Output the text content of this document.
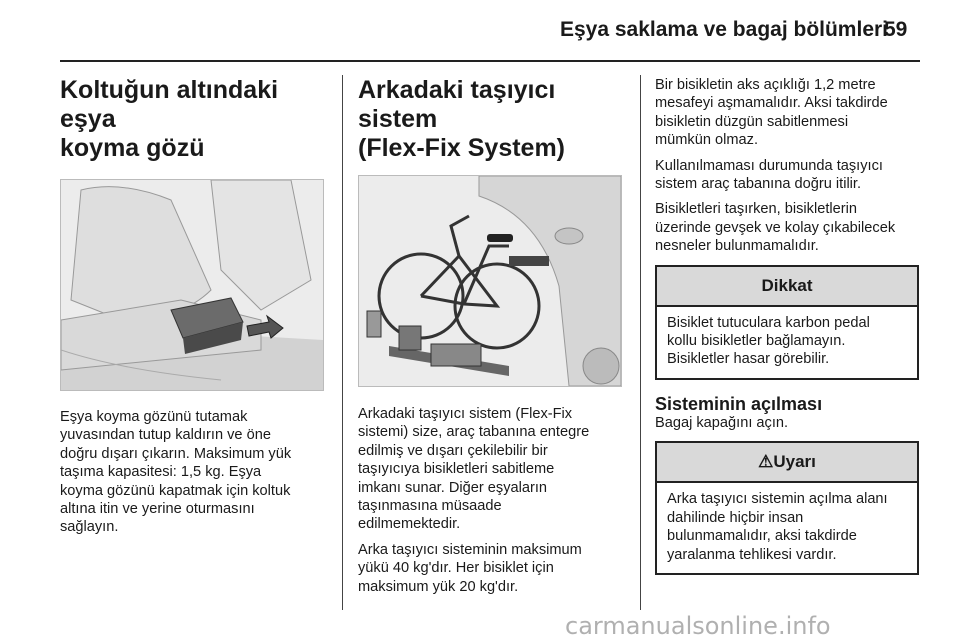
Eşya saklama ve bagaj bölümleri
59
Koltuğun altındaki eşya
koyma gözü

Eşya koyma gözünü tutamak
yuvasından tutup kaldırın ve öne
doğru dışarı çıkarın. Maksimum yük
taşıma kapasitesi: 1,5 kg. Eşya
koyma gözünü kapatmak için koltuk
altına itin ve yerine oturmasını
sağlayın.

Arkadaki taşıyıcı sistem
(Flex-Fix System)

Arkadaki taşıyıcı sistem (Flex-Fix
sistemi) size, araç tabanına entegre
edilmiş ve dışarı çekilebilir bir
taşıyıcıya bisikletleri sabitleme
imkanı sunar. Diğer eşyaların
taşınmasına müsaade
edilmemektedir.

Arka taşıyıcı sisteminin maksimum
yükü 40 kg'dır. Her bisiklet için
maksimum yük 20 kg'dır.

Bir bisikletin aks açıklığı 1,2 metre
mesafeyi aşmamalıdır. Aksi takdirde
bisikletin düzgün sabitlenmesi
mümkün olmaz.

Kullanılmaması durumunda taşıyıcı
sistem araç tabanına doğru itilir.

Bisikletleri taşırken, bisikletlerin
üzerinde gevşek ve kolay çıkabilecek
nesneler bulunmamalıdır.

Dikkat
Bisiklet tutuculara karbon pedal
kollu bisikletler bağlamayın.
Bisikletler hasar görebilir.
Sisteminin açılması

Bagaj kapağını açın.

⚠Uyarı
Arka taşıyıcı sistemin açılma alanı
dahilinde hiçbir insan
bulunmamalıdır, aksi takdirde
yaralanma tehlikesi vardır.
carmanualsonline.info
